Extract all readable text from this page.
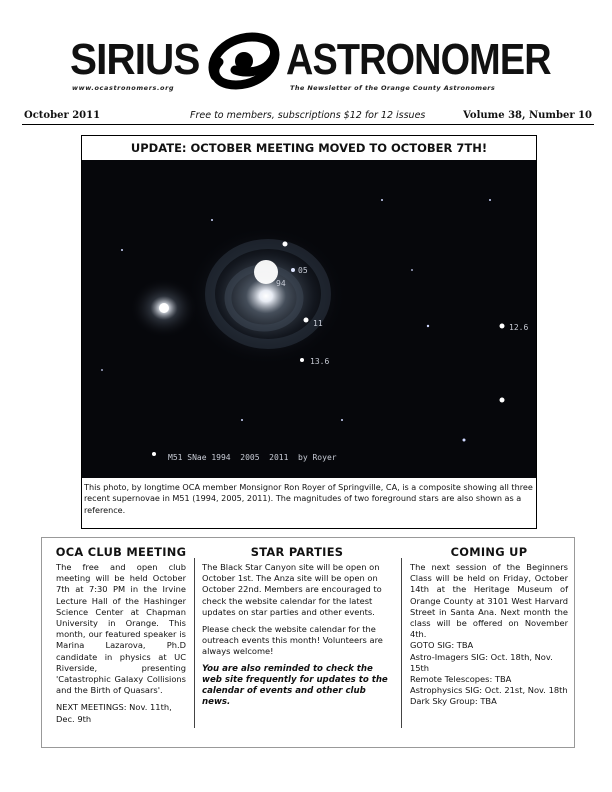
SIRIUS ASTRONOMER
www.ocastronomers.org	The Newsletter of the Orange County Astronomers
October 2011	Free to members, subscriptions $12 for 12 issues	Volume 38, Number 10
UPDATE: OCTOBER MEETING MOVED TO OCTOBER 7TH!
05
94
11	12.6
13.6
M51 SNae 1994  2005  2011  by Royer
This photo, by longtime OCA member Monsignor Ron Royer of Springville, CA, is a composite showing all three recent supernovae in M51 (1994, 2005, 2011). The magnitudes of two foreground stars are also shown as a reference.
OCA CLUB MEETING

The free and open club meeting will be held October 7th at 7:30 PM in the Irvine Lecture Hall of the Hashinger Science Center at Chapman University in Orange. This month, our featured speaker is Marina Lazarova, Ph.D candidate in physics at UC Riverside, presenting 'Catastrophic Galaxy Collisions and the Birth of Quasars'.

NEXT MEETINGS: Nov. 11th, Dec. 9th

STAR PARTIES

The Black Star Canyon site will be open on October 1st. The Anza site will be open on October 22nd. Members are encouraged to check the website calendar for the latest updates on star parties and other events.

Please check the website calendar for the outreach events this month! Volunteers are always welcome!

You are also reminded to check the web site frequently for updates to the calendar of events and other club news.

COMING UP

The next session of the Beginners Class will be held on Friday, October 14th at the Heritage Museum of Orange County at 3101 West Harvard Street in Santa Ana. Next month the class will be offered on November 4th.

GOTO SIG: TBA

Astro-Imagers SIG: Oct. 18th, Nov. 15th

Remote Telescopes: TBA

Astrophysics SIG: Oct. 21st, Nov. 18th

Dark Sky Group: TBA
